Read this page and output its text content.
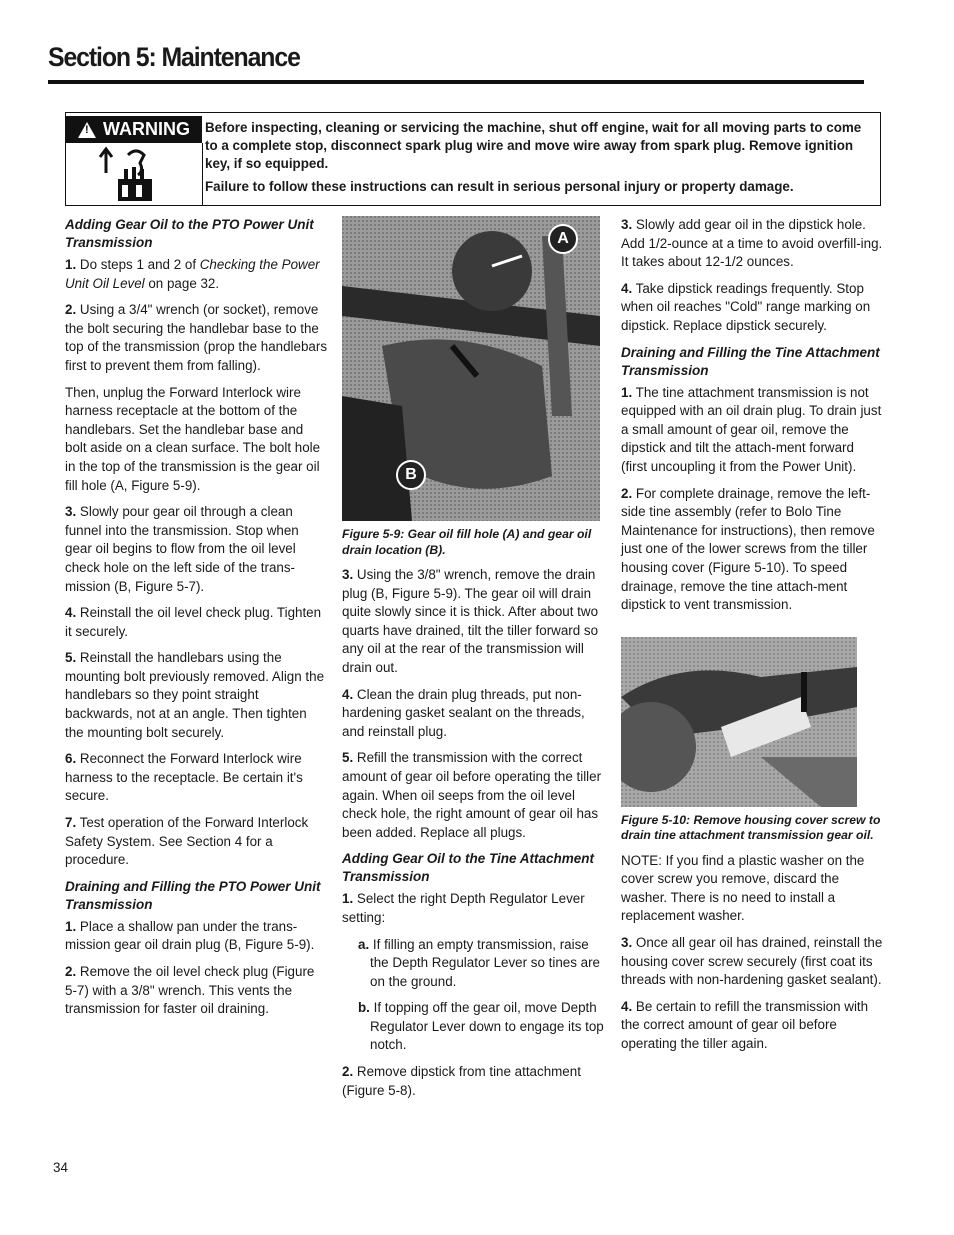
Section 5: Maintenance
!
WARNING Before inspecting, cleaning or servicing the machine, shut off engine, wait for all moving parts to come to a complete stop, disconnect spark plug wire and move wire away from spark plug. Remove ignition key, if so equipped.

Failure to follow these instructions can result in serious personal injury or property damage.

Adding Gear Oil to the PTO Power Unit Transmission

1. Do steps 1 and 2 of Checking the Power Unit Oil Level on page 32.

2. Using a 3/4" wrench (or socket), remove the bolt securing the handlebar base to the top of the transmission (prop the handlebars first to prevent them from falling).

Then, unplug the Forward Interlock wire harness receptacle at the bottom of the handlebars. Set the handlebar base and bolt aside on a clean surface. The bolt hole in the top of the transmission is the gear oil fill hole (A, Figure 5-9).

3. Slowly pour gear oil through a clean funnel into the transmission. Stop when gear oil begins to flow from the oil level check hole on the left side of the trans-mission (B, Figure 5-7).

4. Reinstall the oil level check plug. Tighten it securely.

5. Reinstall the handlebars using the mounting bolt previously removed. Align the handlebars so they point straight backwards, not at an angle. Then tighten the mounting bolt securely.

6. Reconnect the Forward Interlock wire harness to the receptacle. Be certain it's secure.

7. Test operation of the Forward Interlock Safety System. See Section 4 for a procedure.

Draining and Filling the PTO Power Unit Transmission

1. Place a shallow pan under the trans-mission gear oil drain plug (B, Figure 5-9).

2. Remove the oil level check plug (Figure 5-7) with a 3/8" wrench. This vents the transmission for faster oil draining.

A
B

Figure 5-9: Gear oil fill hole (A) and gear oil drain location (B).

3. Using the 3/8" wrench, remove the drain plug (B, Figure 5-9). The gear oil will drain quite slowly since it is thick. After about two quarts have drained, tilt the tiller forward so any oil at the rear of the transmission will drain out.

4. Clean the drain plug threads, put non-hardening gasket sealant on the threads, and reinstall plug.

5. Refill the transmission with the correct amount of gear oil before operating the tiller again. When oil seeps from the oil level check hole, the right amount of gear oil has been added. Replace all plugs.

Adding Gear Oil to the Tine Attachment Transmission

1. Select the right Depth Regulator Lever setting:

a. If filling an empty transmission, raise the Depth Regulator Lever so tines are on the ground.

b. If topping off the gear oil, move Depth Regulator Lever down to engage its top notch.

2. Remove dipstick from tine attachment (Figure 5-8).

3. Slowly add gear oil in the dipstick hole. Add 1/2-ounce at a time to avoid overfill-ing. It takes about 12-1/2 ounces.

4. Take dipstick readings frequently. Stop when oil reaches "Cold" range marking on dipstick. Replace dipstick securely.

Draining and Filling the Tine Attachment Transmission

1. The tine attachment transmission is not equipped with an oil drain plug. To drain just a small amount of gear oil, remove the dipstick and tilt the attach-ment forward (first uncoupling it from the Power Unit).

2. For complete drainage, remove the left-side tine assembly (refer to Bolo Tine Maintenance for instructions), then remove just one of the lower screws from the tiller housing cover (Figure 5-10). To speed drainage, remove the tine attach-ment dipstick to vent transmission.

Figure 5-10: Remove housing cover screw to drain tine attachment transmission gear oil.

NOTE: If you find a plastic washer on the cover screw you remove, discard the washer. There is no need to install a replacement washer.

3. Once all gear oil has drained, reinstall the housing cover screw securely (first coat its threads with non-hardening gasket sealant).

4. Be certain to refill the transmission with the correct amount of gear oil before operating the tiller again.

34
